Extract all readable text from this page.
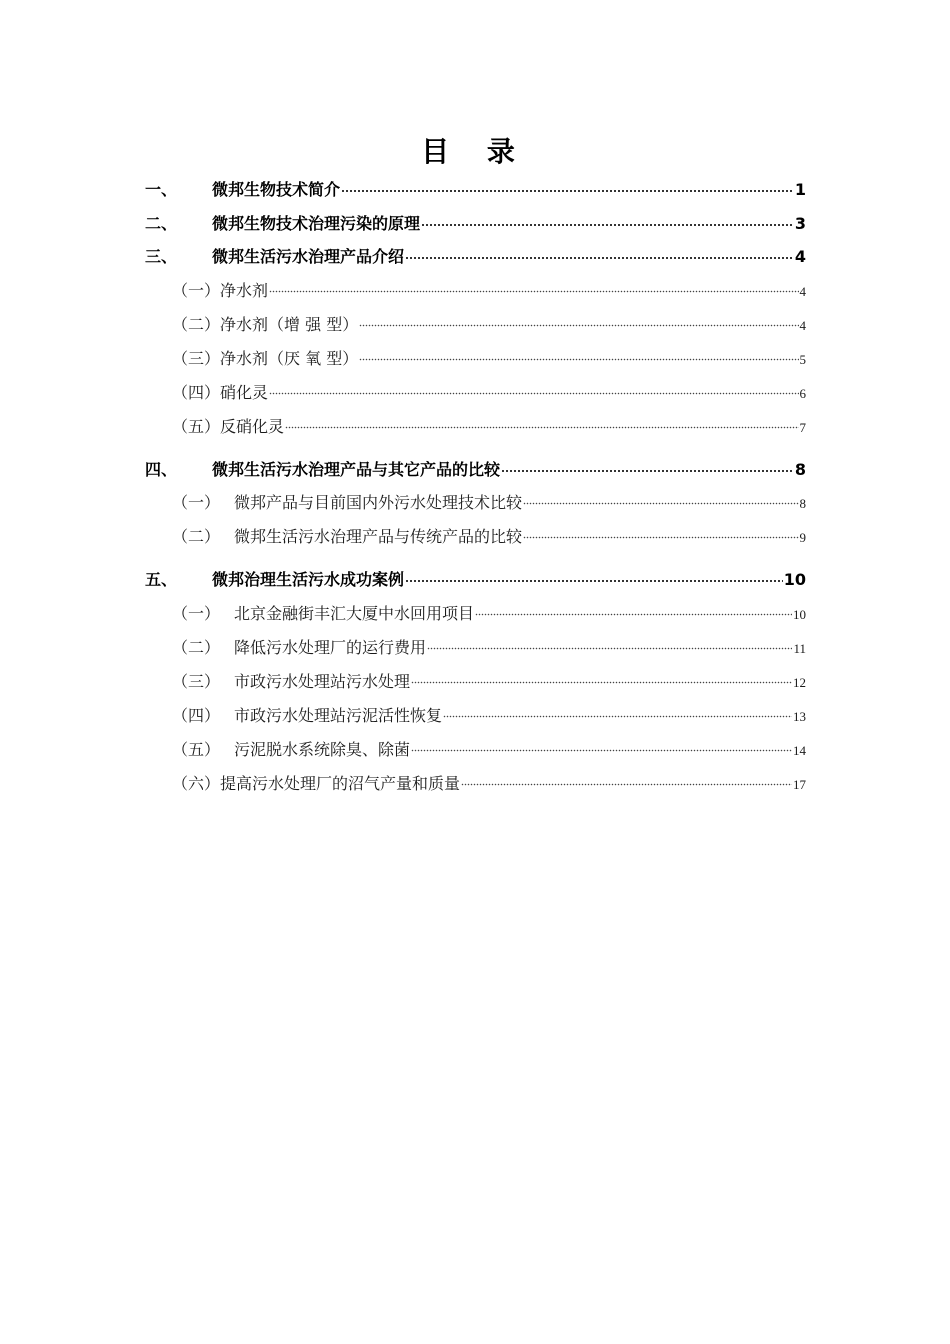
目 录
一、	微邦生物技术简介	1
二、	微邦生物技术治理污染的原理	3
三、	微邦生活污水治理产品介绍	4
（一） 净水剂	4
（二） 净水剂（增 强 型）	4
（三） 净水剂（厌 氧 型）	5
（四） 硝化灵	6
（五） 反硝化灵	7
四、	微邦生活污水治理产品与其它产品的比较	8
（一） 微邦产品与目前国内外污水处理技术比较	8
（二） 微邦生活污水治理产品与传统产品的比较	9
五、	微邦治理生活污水成功案例	10
（一） 北京金融街丰汇大厦中水回用项目	10
（二） 降低污水处理厂的运行费用	11
（三） 市政污水处理站污水处理	12
（四） 市政污水处理站污泥活性恢复	13
（五） 污泥脱水系统除臭、除菌	14
（六） 提高污水处理厂的沼气产量和质量	17
